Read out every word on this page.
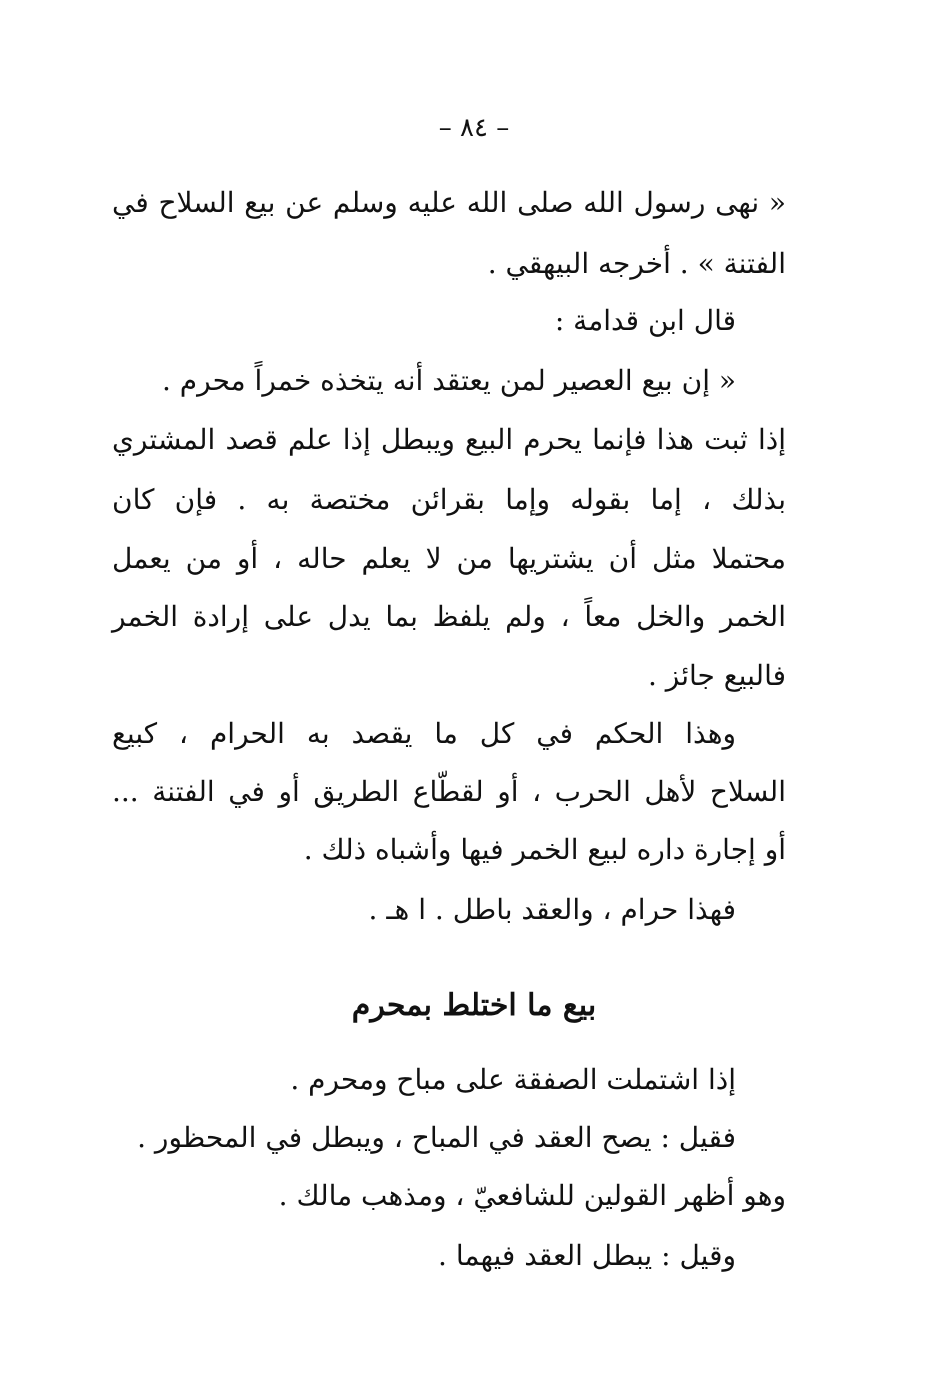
– ٨٤ –

« نهى رسول الله صلى الله عليه وسلم عن بيع السلاح في

الفتنة » . أخرجه البيهقي .

قال ابن قدامة :

« إن بيع العصير لمن يعتقد أنه يتخذه خمراً محرم .

إذا ثبت هذا فإنما يحرم البيع ويبطل إذا علم قصد المشتري

بذلك ، إما بقوله وإما بقرائن مختصة به . فإن كان

محتملا مثل أن يشتريها من لا يعلم حاله ، أو من يعمل

الخمر والخل معاً ، ولم يلفظ بما يدل على إرادة الخمر

فالبيع جائز .

وهذا الحكم في كل ما يقصد به الحرام ، كبيع

السلاح لأهل الحرب ، أو لقطّاع الطريق أو في الفتنة ...

أو إجارة داره لبيع الخمر فيها وأشباه ذلك .

فهذا حرام ، والعقد باطل . ا هـ .

بيع ما اختلط بمحرم

إذا اشتملت الصفقة على مباح ومحرم .

فقيل : يصح العقد في المباح ، ويبطل في المحظور .

وهو أظهر القولين للشافعيّ ، ومذهب مالك .

وقيل : يبطل العقد فيهما .
